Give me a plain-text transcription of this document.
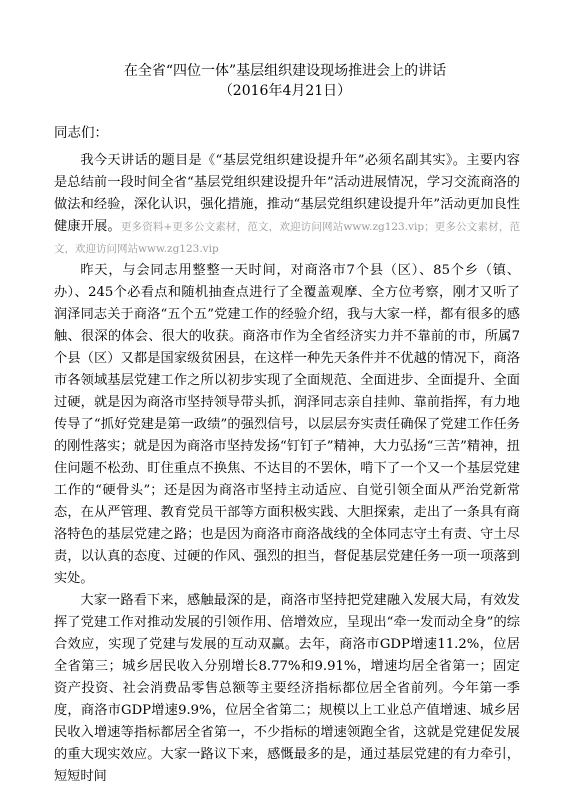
在全省“四位一体”基层组织建设现场推进会上的讲话
（2016年4月21日）
同志们：

我今天讲话的题目是《“基层党组织建设提升年”必须名副其实》。主要内容是总结前一段时间全省“基层党组织建设提升年”活动进展情况，学习交流商洛的做法和经验，深化认识，强化措施，推动“基层党组织建设提升年”活动更加良性健康开展。更多资料+更多公文素材，范文，欢迎访问网站www.zg123.vip；更多公文素材，范文，欢迎访问网站www.zg123.vip

昨天，与会同志用整整一天时间，对商洛市7个县（区）、85个乡（镇、办）、245个必看点和随机抽查点进行了全覆盖观摩、全方位考察，刚才又听了润泽同志关于商洛“五个五”党建工作的经验介绍，我与大家一样，都有很多的感触、很深的体会、很大的收获。商洛市作为全省经济实力并不靠前的市，所属7个县（区）又都是国家级贫困县，在这样一种先天条件并不优越的情况下，商洛市各领域基层党建工作之所以初步实现了全面规范、全面进步、全面提升、全面过硬，就是因为商洛市坚持领导带头抓，润泽同志亲自挂帅、靠前指挥，有力地传导了“抓好党建是第一政绩”的强烈信号，以层层夯实责任确保了党建工作任务的刚性落实；就是因为商洛市坚持发扬“钉钉子”精神，大力弘扬“三苦”精神，扭住问题不松劲、盯住重点不换焦、不达目的不罢休，啃下了一个又一个基层党建工作的“硬骨头”；还是因为商洛市坚持主动适应、自觉引领全面从严治党新常态，在从严管理、教育党员干部等方面积极实践、大胆探索，走出了一条具有商洛特色的基层党建之路；也是因为商洛市商洛战线的全体同志守土有责、守土尽责，以认真的态度、过硬的作风、强烈的担当，督促基层党建任务一项一项落到实处。

大家一路看下来，感触最深的是，商洛市坚持把党建融入发展大局，有效发挥了党建工作对推动发展的引领作用、倍增效应，呈现出“牵一发而动全身”的综合效应，实现了党建与发展的互动双赢。去年，商洛市GDP增速11.2%，位居全省第三；城乡居民收入分别增长8.77%和9.91%，增速均居全省第一；固定资产投资、社会消费品零售总额等主要经济指标都位居全省前列。今年第一季度，商洛市GDP增速9.9%，位居全省第二；规模以上工业总产值增速、城乡居民收入增速等指标都居全省第一，不少指标的增速领跑全省，这就是党建促发展的重大现实效应。大家一路议下来，感慨最多的是，通过基层党建的有力牵引，短短时间
